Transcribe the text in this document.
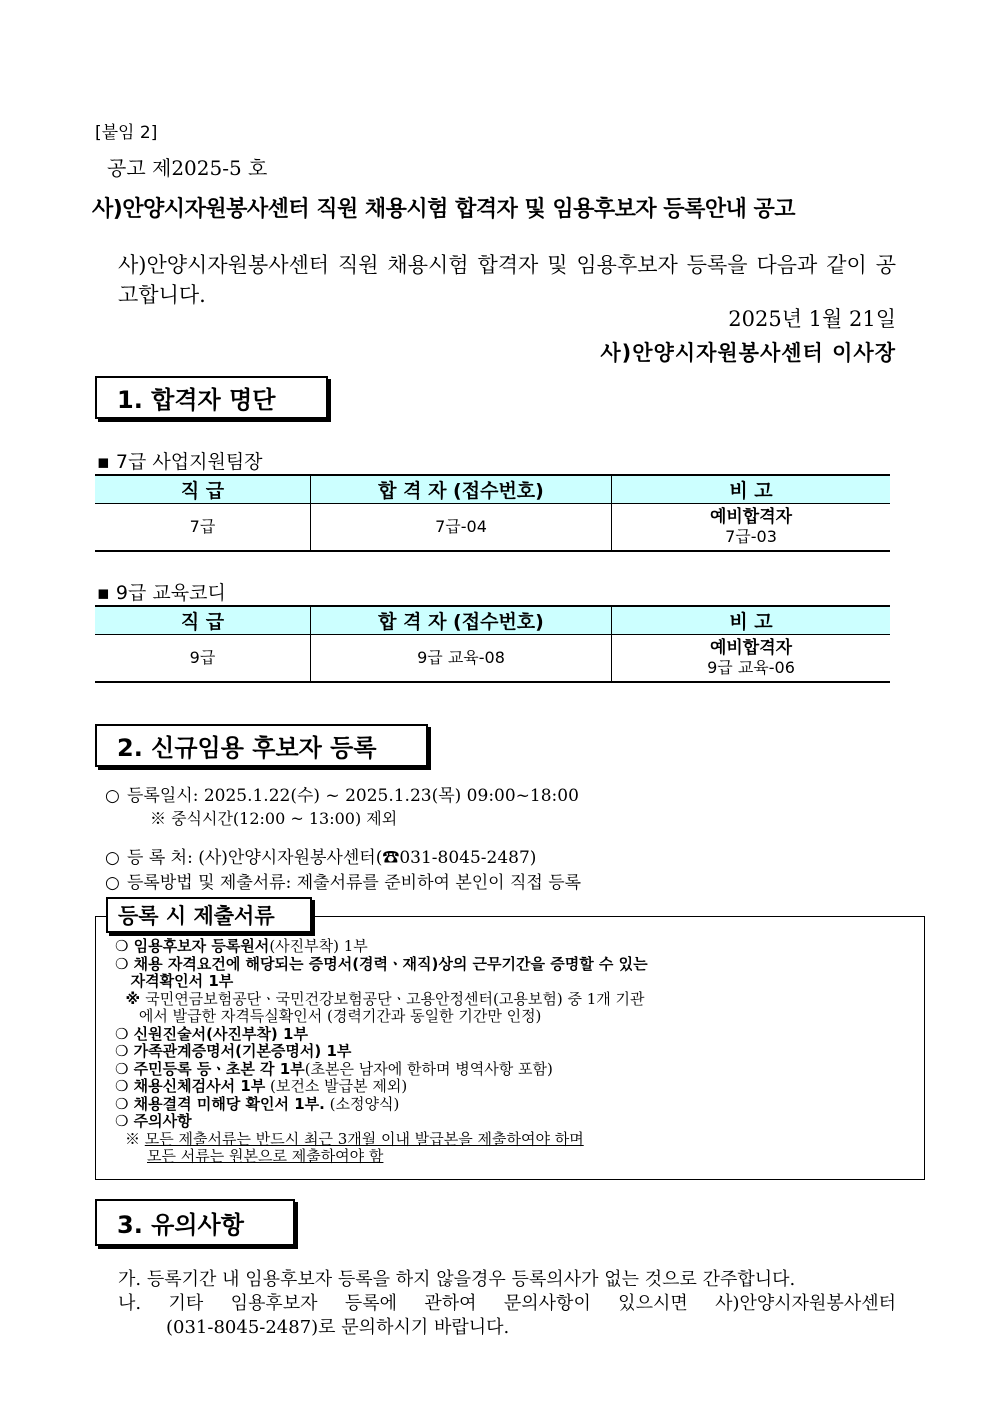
[붙임 2]
공고 제2025-5 호
사)안양시자원봉사센터 직원 채용시험 합격자 및 임용후보자 등록안내 공고
사)안양시자원봉사센터 직원 채용시험 합격자 및 임용후보자 등록을 다음과 같이 공고합니다.
2025년 1월 21일
사)안양시자원봉사센터 이사장
1. 합격자 명단
▪ 7급 사업지원팀장
직 급	합 격 자 (접수번호)	비 고
7급	7급-04	예비합격자
7급-03
▪ 9급 교육코디
직 급	합 격 자 (접수번호)	비 고
9급	9급 교육-08	예비합격자
9급 교육-06
2. 신규임용 후보자 등록
○ 등록일시: 2025.1.22(수) ~ 2025.1.23(목) 09:00~18:00
※ 중식시간(12:00 ~ 13:00) 제외
○ 등 록 처: (사)안양시자원봉사센터(☎031-8045-2487)
○ 등록방법 및 제출서류: 제출서류를 준비하여 본인이 직접 등록
등록 시 제출서류
❍ 임용후보자 등록원서(사진부착) 1부
❍ 채용 자격요건에 해당되는 증명서(경력ㆍ재직)상의 근무기간을 증명할 수 있는
자격확인서 1부
※ 국민연금보험공단ㆍ국민건강보험공단ㆍ고용안정센터(고용보험) 중 1개 기관
에서 발급한 자격득실확인서 (경력기간과 동일한 기간만 인정)
❍ 신원진술서(사진부착) 1부
❍ 가족관계증명서(기본증명서) 1부
❍ 주민등록 등ㆍ초본 각 1부(초본은 남자에 한하며 병역사항 포함)
❍ 채용신체검사서 1부 (보건소 발급본 제외)
❍ 채용결격 미해당 확인서 1부. (소정양식)
❍ 주의사항
※ 모든 제출서류는 반드시 최근 3개월 이내 발급본을 제출하여야 하며
모든 서류는 원본으로 제출하여야 함
3. 유의사항
가. 등록기간 내 임용후보자 등록을 하지 않을경우 등록의사가 없는 것으로 간주합니다.
나. 기타 임용후보자 등록에 관하여 문의사항이 있으시면 사)안양시자원봉사센터
(031-8045-2487)로 문의하시기 바랍니다.
